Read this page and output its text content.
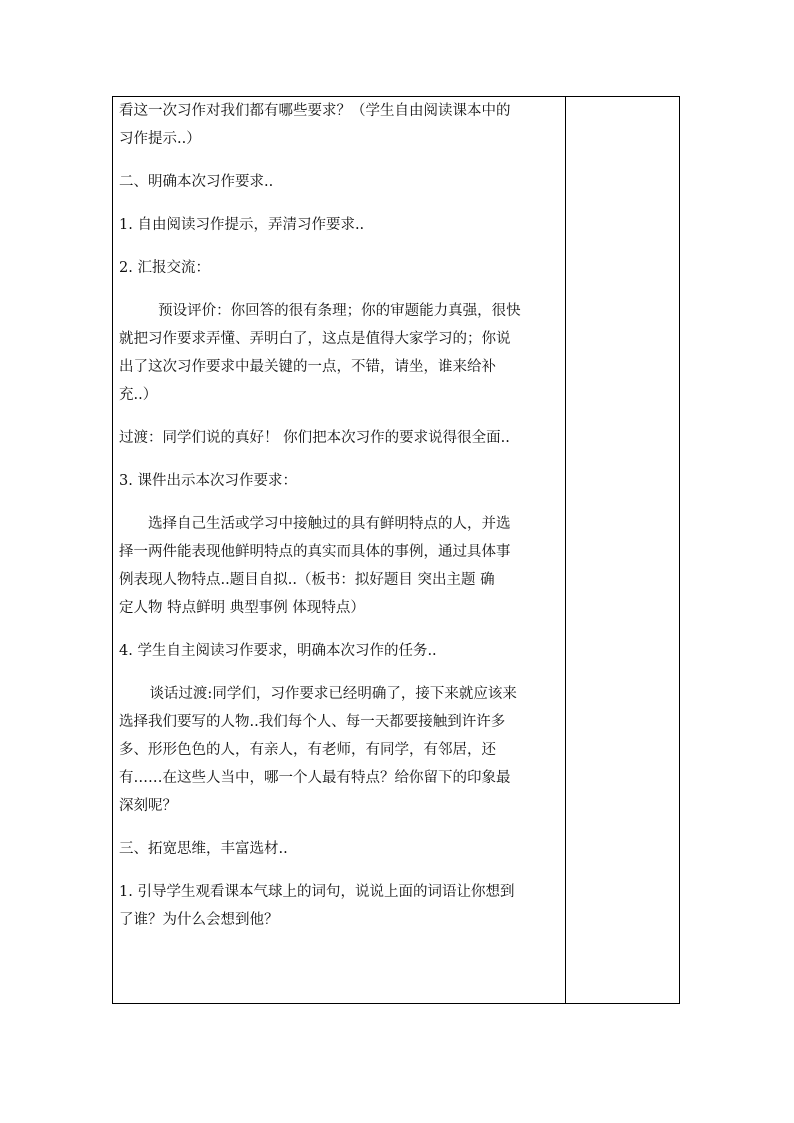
看这一次习作对我们都有哪些要求？（学生自由阅读课本中的
习作提示..）
二、明确本次习作要求..
1. 自由阅读习作提示，弄清习作要求..
2. 汇报交流：
预设评价：你回答的很有条理；你的审题能力真强，很快
就把习作要求弄懂、弄明白了，这点是值得大家学习的；你说
出了这次习作要求中最关键的一点，不错，请坐，谁来给补
充..）
过渡：同学们说的真好！ 你们把本次习作的要求说得很全面..
3. 课件出示本次习作要求：
选择自己生活或学习中接触过的具有鲜明特点的人，并选
择一两件能表现他鲜明特点的真实而具体的事例，通过具体事
例表现人物特点..题目自拟..（板书：拟好题目 突出主题 确
定人物 特点鲜明 典型事例 体现特点）
4. 学生自主阅读习作要求，明确本次习作的任务..
谈话过渡:同学们，习作要求已经明确了，接下来就应该来
选择我们要写的人物..我们每个人、每一天都要接触到许许多
多、形形色色的人，有亲人，有老师，有同学，有邻居，还
有……在这些人当中，哪一个人最有特点？给你留下的印象最
深刻呢？
三、拓宽思维，丰富选材..
1. 引导学生观看课本气球上的词句，说说上面的词语让你想到
了谁？为什么会想到他？
